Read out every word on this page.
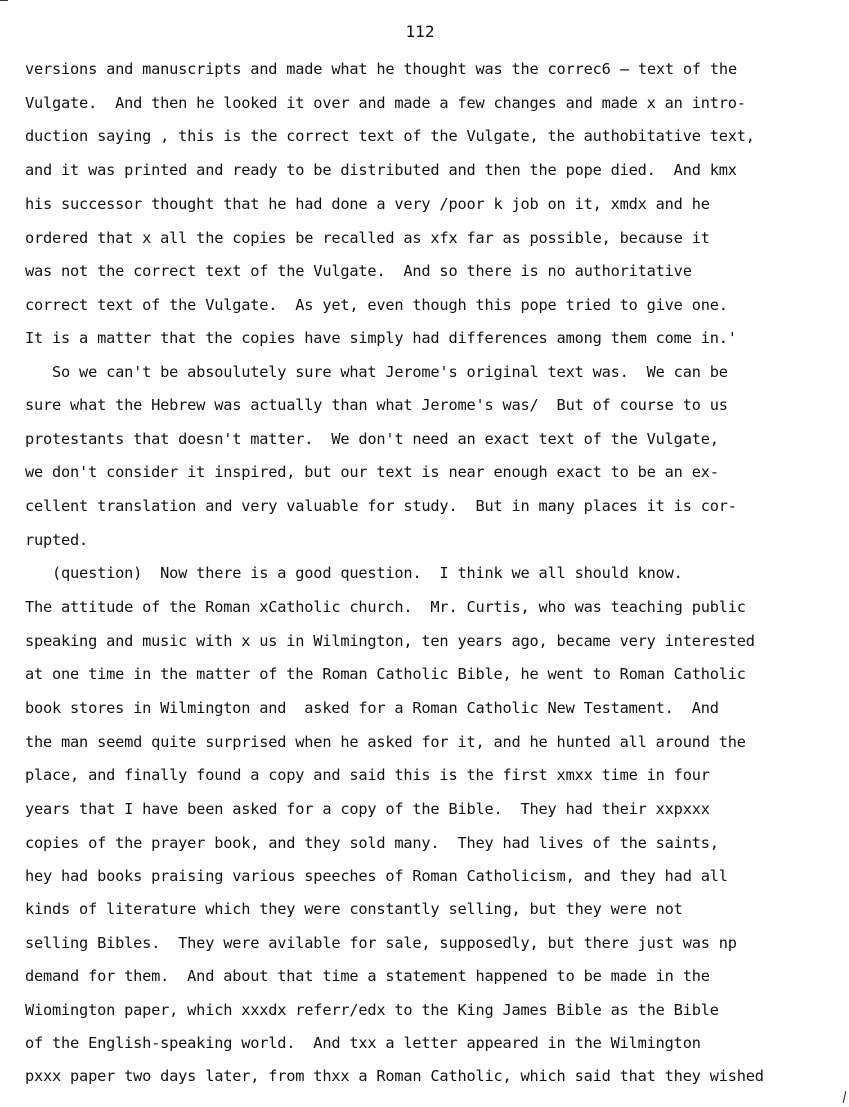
112
versions and manuscripts and made what he thought was the correc6 ̶ text of the
Vulgate.  And then he looked it over and made a few changes and made x an intro-
duction saying , this is the correct text of the Vulgate, the authobitative text,
and it was printed and ready to be distributed and then the pope died.  And kmx
his successor thought that he had done a very ∕poor k job on it, xmdx and he
ordered that x all the copies be recalled as xfx far as possible, because it
was not the correct text of the Vulgate.  And so there is no authoritative
correct text of the Vulgate.  As yet, even though this pope tried to give one.
It is a matter that the copies have simply had differences among them come in.'
So we can't be absoulutely sure what Jerome's original text was.  We can be
sure what the Hebrew was actually than what Jerome's was/  But of course to us
protestants that doesn't matter.  We don't need an exact text of the Vulgate,
we don't consider it inspired, but our text is near enough exact to be an ex-
cellent translation and very valuable for study.  But in many places it is cor-
rupted.
(question)  Now there is a good question.  I think we all should know.
The attitude of the Roman xCatholic church.  Mr. Curtis, who was teaching public
speaking and music with x us in Wilmington, ten years ago, became very interested
at one time in the matter of the Roman Catholic Bible, he went to Roman Catholic
book stores in Wilmington and  asked for a Roman Catholic New Testament.  And
the man seemd quite surprised when he asked for it, and he hunted all around the
place, and finally found a copy and said this is the first xmxx time in four
years that I have been asked for a copy of the Bible.  They had their xxpxxx
copies of the prayer book, and they sold many.  They had lives of the saints,
hey had books praising various speeches of Roman Catholicism, and they had all
kinds of literature which they were constantly selling, but they were not
selling Bibles.  They were avilable for sale, supposedly, but there just was np
demand for them.  And about that time a statement happened to be made in the
Wiomington paper, which xxxdx referr∕edx to the King James Bible as the Bible
of the English-speaking world.  And txx a letter appeared in the Wilmington
pxxx paper two days later, from thxx a Roman Catholic, which said that they wished
